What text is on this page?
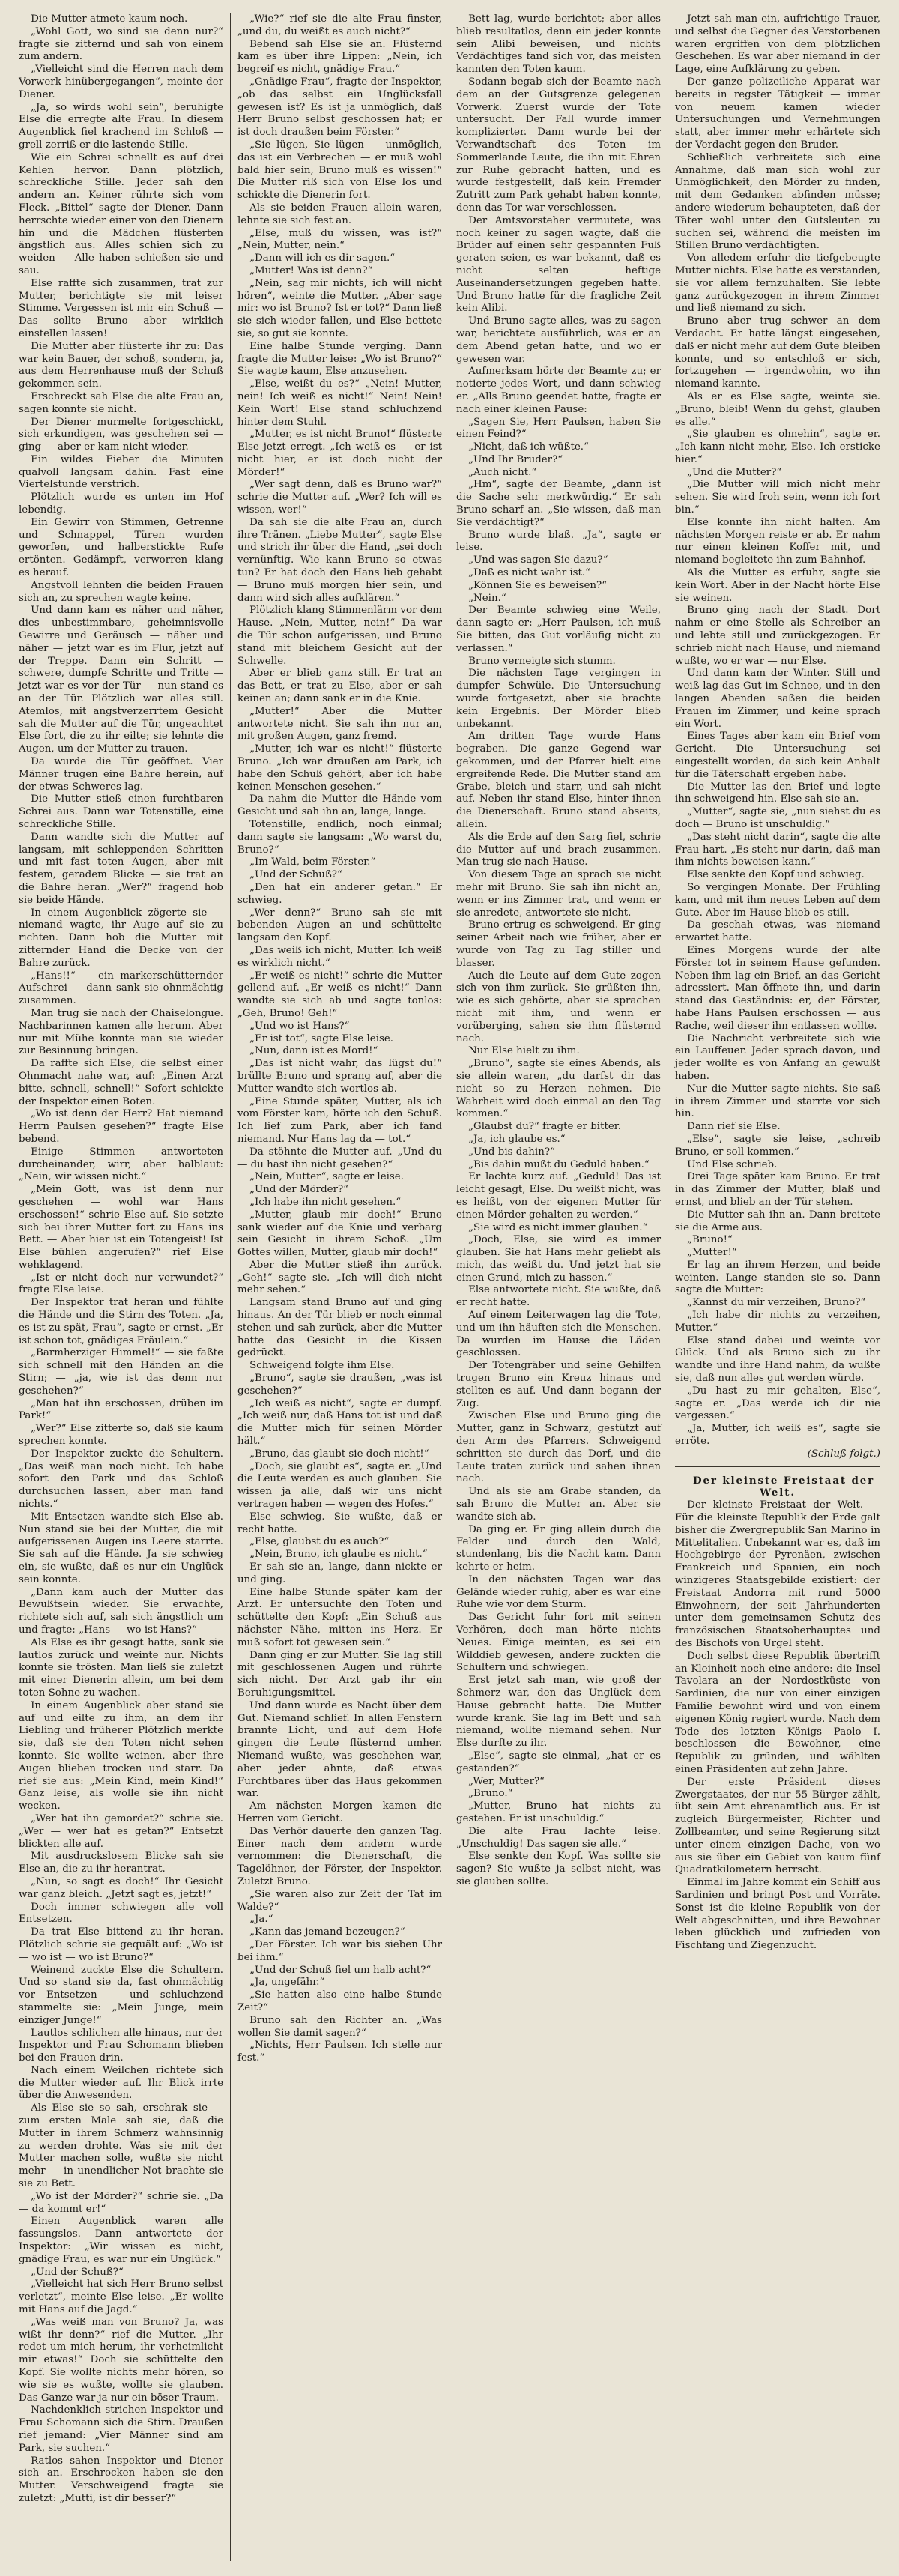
Die Mutter atmete kaum noch.

„Wohl Gott, wo sind sie denn nur?“ fragte sie zitternd und sah von einem zum andern.

„Vielleicht sind die Herren nach dem Vorwerk hinübergegangen“, meinte der Diener.

„Ja, so wirds wohl sein“, beruhigte Else die erregte alte Frau. In diesem Augenblick fiel krachend im Schloß — grell zerriß er die lastende Stille.

Wie ein Schrei schnellt es auf drei Kehlen hervor. Dann plötzlich, schreckliche Stille. Jeder sah den andern an. Keiner rührte sich vom Fleck. „Bittel“ sagte der Diener. Dann herrschte wieder einer von den Dienern hin und die Mädchen flüsterten ängstlich aus. Alles schien sich zu weiden — Alle haben schießen sie und sau.

Else raffte sich zusammen, trat zur Mutter, berichtigte sie mit leiser Stimme. Vergessen ist mir ein Schuß — Das sollte Bruno aber wirklich einstellen lassen!

Die Mutter aber flüsterte ihr zu: Das war kein Bauer, der schoß, sondern, ja, aus dem Herrenhause muß der Schuß gekommen sein.

Erschreckt sah Else die alte Frau an, sagen konnte sie nicht.

Der Diener murmelte fortgeschickt, sich erkundigen, was geschehen sei — ging — aber er kam nicht wieder.

Ein wildes Fieber die Minuten qualvoll langsam dahin. Fast eine Viertelstunde verstrich.

Plötzlich wurde es unten im Hof lebendig.

Ein Gewirr von Stimmen, Getrenne und Schnappel, Türen wurden geworfen, und halberstickte Rufe ertönten. Gedämpft, verworren klang es herauf.

Angstvoll lehnten die beiden Frauen sich an, zu sprechen wagte keine.

Und dann kam es näher und näher, dies unbestimmbare, geheimnisvolle Gewirre und Geräusch — näher und näher — jetzt war es im Flur, jetzt auf der Treppe. Dann ein Schritt — schwere, dumpfe Schritte und Tritte — jetzt war es vor der Tür — nun stand es an der Tür. Plötzlich war alles still. Atemlos, mit angstverzerrtem Gesicht sah die Mutter auf die Tür, ungeachtet Else fort, die zu ihr eilte; sie lehnte die Augen, um der Mutter zu trauen.

Da wurde die Tür geöffnet. Vier Männer trugen eine Bahre herein, auf der etwas Schweres lag.

Die Mutter stieß einen furchtbaren Schrei aus. Dann war Totenstille, eine schreckliche Stille.

Dann wandte sich die Mutter auf langsam, mit schleppenden Schritten und mit fast toten Augen, aber mit festem, geradem Blicke — sie trat an die Bahre heran. „Wer?“ fragend hob sie beide Hände.

In einem Augenblick zögerte sie — niemand wagte, ihr Auge auf sie zu richten. Dann hob die Mutter mit zitternder Hand die Decke von der Bahre zurück.

„Hans!!“ — ein markerschütternder Aufschrei — dann sank sie ohnmächtig zusammen.

Man trug sie nach der Chaiselongue. Nachbarinnen kamen alle herum. Aber nur mit Mühe konnte man sie wieder zur Besinnung bringen.

Da raffte sich Else, die selbst einer Ohnmacht nahe war, auf: „Einen Arzt bitte, schnell, schnell!“ Sofort schickte der Inspektor einen Boten.

„Wo ist denn der Herr? Hat niemand Herrn Paulsen gesehen?“ fragte Else bebend.

Einige Stimmen antworteten durcheinander, wirr, aber halblaut: „Nein, wir wissen nicht.“

„Mein Gott, was ist denn nur geschehen — wohl war Hans erschossen!“ schrie Else auf. Sie setzte sich bei ihrer Mutter fort zu Hans ins Bett. — Aber hier ist ein Totengeist! Ist Else bühlen angerufen?“ rief Else wehklagend.

„Ist er nicht doch nur verwundet?“ fragte Else leise.

Der Inspektor trat heran und fühlte die Hände und die Stirn des Toten. „Ja, es ist zu spät, Frau“, sagte er ernst. „Er ist schon tot, gnädiges Fräulein.“

„Barmherziger Himmel!“ — sie faßte sich schnell mit den Händen an die Stirn; — „ja, wie ist das denn nur geschehen?“

„Man hat ihn erschossen, drüben im Park!“

„Wer?“ Else zitterte so, daß sie kaum sprechen konnte.

Der Inspektor zuckte die Schultern. „Das weiß man noch nicht. Ich habe sofort den Park und das Schloß durchsuchen lassen, aber man fand nichts.“

Mit Entsetzen wandte sich Else ab. Nun stand sie bei der Mutter, die mit aufgerissenen Augen ins Leere starrte. Sie sah auf die Hände. Ja sie schwieg ein, sie wußte, daß es nur ein Unglück sein konnte.

„Dann kam auch der Mutter das Bewußtsein wieder. Sie erwachte, richtete sich auf, sah sich ängstlich um und fragte: „Hans — wo ist Hans?“

Als Else es ihr gesagt hatte, sank sie lautlos zurück und weinte nur. Nichts konnte sie trösten. Man ließ sie zuletzt mit einer Dienerin allein, um bei dem toten Sohne zu wachen.

In einem Augenblick aber stand sie auf und eilte zu ihm, an dem ihr Liebling und früherer Plötzlich merkte sie, daß sie den Toten nicht sehen konnte. Sie wollte weinen, aber ihre Augen blieben trocken und starr. Da rief sie aus: „Mein Kind, mein Kind!“ Ganz leise, als wolle sie ihn nicht wecken.

„Wer hat ihn gemordet?“ schrie sie. „Wer — wer hat es getan?“ Entsetzt blickten alle auf.

Mit ausdruckslosem Blicke sah sie Else an, die zu ihr herantrat.

„Nun, so sagt es doch!“ Ihr Gesicht war ganz bleich. „Jetzt sagt es, jetzt!“

Doch immer schwiegen alle voll Entsetzen.

Da trat Else bittend zu ihr heran. Plötzlich schrie sie gequält auf: „Wo ist — wo ist — wo ist Bruno?“

Weinend zuckte Else die Schultern. Und so stand sie da, fast ohnmächtig vor Entsetzen — und schluchzend stammelte sie: „Mein Junge, mein einziger Junge!“

Lautlos schlichen alle hinaus, nur der Inspektor und Frau Schomann blieben bei den Frauen drin.

Nach einem Weilchen richtete sich die Mutter wieder auf. Ihr Blick irrte über die Anwesenden.

Als Else sie so sah, erschrak sie — zum ersten Male sah sie, daß die Mutter in ihrem Schmerz wahnsinnig zu werden drohte. Was sie mit der Mutter machen solle, wußte sie nicht mehr — in unendlicher Not brachte sie sie zu Bett.

„Wo ist der Mörder?“ schrie sie. „Da — da kommt er!“

Einen Augenblick waren alle fassungslos. Dann antwortete der Inspektor: „Wir wissen es nicht, gnädige Frau, es war nur ein Unglück.“

„Und der Schuß?“

„Vielleicht hat sich Herr Bruno selbst verletzt“, meinte Else leise. „Er wollte mit Hans auf die Jagd.“

„Was weiß man von Bruno? Ja, was wißt ihr denn?“ rief die Mutter. „Ihr redet um mich herum, ihr verheimlicht mir etwas!“ Doch sie schüttelte den Kopf. Sie wollte nichts mehr hören, so wie sie es wußte, wollte sie glauben. Das Ganze war ja nur ein böser Traum.

Nachdenklich strichen Inspektor und Frau Schomann sich die Stirn. Draußen rief jemand: „Vier Männer sind am Park, sie suchen.“

Ratlos sahen Inspektor und Diener sich an. Erschrocken haben sie den Mutter. Verschweigend fragte sie zuletzt: „Mutti, ist dir besser?“

„Wie?“ rief sie die alte Frau finster, „und du, du weißt es auch nicht?“

Bebend sah Else sie an. Flüsternd kam es über ihre Lippen: „Nein, ich begreif es nicht, gnädige Frau.“

„Gnädige Frau“, fragte der Inspektor, „ob das selbst ein Unglücksfall gewesen ist? Es ist ja unmöglich, daß Herr Bruno selbst geschossen hat; er ist doch draußen beim Förster.“

„Sie lügen, Sie lügen — unmöglich, das ist ein Verbrechen — er muß wohl bald hier sein, Bruno muß es wissen!“ Die Mutter riß sich von Else los und schickte die Dienerin fort.

Als sie beiden Frauen allein waren, lehnte sie sich fest an.

„Else, muß du wissen, was ist?“ „Nein, Mutter, nein.“

„Dann will ich es dir sagen.“

„Mutter! Was ist denn?“

„Nein, sag mir nichts, ich will nicht hören“, weinte die Mutter. „Aber sage mir: wo ist Bruno? Ist er tot?“ Dann ließ sie sich wieder fallen, und Else bettete sie, so gut sie konnte.

Eine halbe Stunde verging. Dann fragte die Mutter leise: „Wo ist Bruno?“ Sie wagte kaum, Else anzusehen.

„Else, weißt du es?“ „Nein! Mutter, nein! Ich weiß es nicht!“ Nein! Nein! Kein Wort! Else stand schluchzend hinter dem Stuhl.

„Mutter, es ist nicht Bruno!“ flüsterte Else jetzt erregt. „Ich weiß es — er ist nicht hier, er ist doch nicht der Mörder!“

„Wer sagt denn, daß es Bruno war?“ schrie die Mutter auf. „Wer? Ich will es wissen, wer!“

Da sah sie die alte Frau an, durch ihre Tränen. „Liebe Mutter“, sagte Else und strich ihr über die Hand, „sei doch vernünftig. Wie kann Bruno so etwas tun? Er hat doch den Hans lieb gehabt — Bruno muß morgen hier sein, und dann wird sich alles aufklären.“

Plötzlich klang Stimmenlärm vor dem Hause. „Nein, Mutter, nein!“ Da war die Tür schon aufgerissen, und Bruno stand mit bleichem Gesicht auf der Schwelle.

Aber er blieb ganz still. Er trat an das Bett, er trat zu Else, aber er sah keinen an; dann sank er in die Knie.

„Mutter!“ Aber die Mutter antwortete nicht. Sie sah ihn nur an, mit großen Augen, ganz fremd.

„Mutter, ich war es nicht!“ flüsterte Bruno. „Ich war draußen am Park, ich habe den Schuß gehört, aber ich habe keinen Menschen gesehen.“

Da nahm die Mutter die Hände vom Gesicht und sah ihn an, lange, lange.

Totenstille, endlich, noch einmal; dann sagte sie langsam: „Wo warst du, Bruno?“

„Im Wald, beim Förster.“

„Und der Schuß?“

„Den hat ein anderer getan.“ Er schwieg.

„Wer denn?“ Bruno sah sie mit bebenden Augen an und schüttelte langsam den Kopf.

„Das weiß ich nicht, Mutter. Ich weiß es wirklich nicht.“

„Er weiß es nicht!“ schrie die Mutter gellend auf. „Er weiß es nicht!“ Dann wandte sie sich ab und sagte tonlos: „Geh, Bruno! Geh!“

„Und wo ist Hans?“

„Er ist tot“, sagte Else leise.

„Nun, dann ist es Mord!“

„Das ist nicht wahr, das lügst du!“ brüllte Bruno und sprang auf, aber die Mutter wandte sich wortlos ab.

„Eine Stunde später, Mutter, als ich vom Förster kam, hörte ich den Schuß. Ich lief zum Park, aber ich fand niemand. Nur Hans lag da — tot.“

Da stöhnte die Mutter auf. „Und du — du hast ihn nicht gesehen?“

„Nein, Mutter“, sagte er leise.

„Und der Mörder?“

„Ich habe ihn nicht gesehen.“

„Mutter, glaub mir doch!“ Bruno sank wieder auf die Knie und verbarg sein Gesicht in ihrem Schoß. „Um Gottes willen, Mutter, glaub mir doch!“

Aber die Mutter stieß ihn zurück. „Geh!“ sagte sie. „Ich will dich nicht mehr sehen.“

Langsam stand Bruno auf und ging hinaus. An der Tür blieb er noch einmal stehen und sah zurück, aber die Mutter hatte das Gesicht in die Kissen gedrückt.

Schweigend folgte ihm Else.

„Bruno“, sagte sie draußen, „was ist geschehen?“

„Ich weiß es nicht“, sagte er dumpf. „Ich weiß nur, daß Hans tot ist und daß die Mutter mich für seinen Mörder hält.“

„Bruno, das glaubt sie doch nicht!“

„Doch, sie glaubt es“, sagte er. „Und die Leute werden es auch glauben. Sie wissen ja alle, daß wir uns nicht vertragen haben — wegen des Hofes.“

Else schwieg. Sie wußte, daß er recht hatte.

„Else, glaubst du es auch?“

„Nein, Bruno, ich glaube es nicht.“

Er sah sie an, lange, dann nickte er und ging.

Eine halbe Stunde später kam der Arzt. Er untersuchte den Toten und schüttelte den Kopf: „Ein Schuß aus nächster Nähe, mitten ins Herz. Er muß sofort tot gewesen sein.“

Dann ging er zur Mutter. Sie lag still mit geschlossenen Augen und rührte sich nicht. Der Arzt gab ihr ein Beruhigungsmittel.

Und dann wurde es Nacht über dem Gut. Niemand schlief. In allen Fenstern brannte Licht, und auf dem Hofe gingen die Leute flüsternd umher. Niemand wußte, was geschehen war, aber jeder ahnte, daß etwas Furchtbares über das Haus gekommen war.

Am nächsten Morgen kamen die Herren vom Gericht.

Das Verhör dauerte den ganzen Tag. Einer nach dem andern wurde vernommen: die Dienerschaft, die Tagelöhner, der Förster, der Inspektor. Zuletzt Bruno.

„Sie waren also zur Zeit der Tat im Walde?“

„Ja.“

„Kann das jemand bezeugen?“

„Der Förster. Ich war bis sieben Uhr bei ihm.“

„Und der Schuß fiel um halb acht?“

„Ja, ungefähr.“

„Sie hatten also eine halbe Stunde Zeit?“

Bruno sah den Richter an. „Was wollen Sie damit sagen?“

„Nichts, Herr Paulsen. Ich stelle nur fest.“

Bett lag, wurde berichtet; aber alles blieb resultatlos, denn ein jeder konnte sein Alibi beweisen, und nichts Verdächtiges fand sich vor, das meisten kannten den Toten kaum.

Sodann begab sich der Beamte nach dem an der Gutsgrenze gelegenen Vorwerk. Zuerst wurde der Tote untersucht. Der Fall wurde immer komplizierter. Dann wurde bei der Verwandtschaft des Toten im Sommerlande Leute, die ihn mit Ehren zur Ruhe gebracht hatten, und es wurde festgestellt, daß kein Fremder Zutritt zum Park gehabt haben konnte, denn das Tor war verschlossen.

Der Amtsvorsteher vermutete, was noch keiner zu sagen wagte, daß die Brüder auf einen sehr gespannten Fuß geraten seien, es war bekannt, daß es nicht selten heftige Auseinandersetzungen gegeben hatte. Und Bruno hatte für die fragliche Zeit kein Alibi.

Und Bruno sagte alles, was zu sagen war, berichtete ausführlich, was er an dem Abend getan hatte, und wo er gewesen war.

Aufmerksam hörte der Beamte zu; er notierte jedes Wort, und dann schwieg er. „Alls Bruno geendet hatte, fragte er nach einer kleinen Pause:

„Sagen Sie, Herr Paulsen, haben Sie einen Feind?“

„Nicht, daß ich wüßte.“

„Und Ihr Bruder?“

„Auch nicht.“

„Hm“, sagte der Beamte, „dann ist die Sache sehr merkwürdig.“ Er sah Bruno scharf an. „Sie wissen, daß man Sie verdächtigt?“

Bruno wurde blaß. „Ja“, sagte er leise.

„Und was sagen Sie dazu?“

„Daß es nicht wahr ist.“

„Können Sie es beweisen?“

„Nein.“

Der Beamte schwieg eine Weile, dann sagte er: „Herr Paulsen, ich muß Sie bitten, das Gut vorläufig nicht zu verlassen.“

Bruno verneigte sich stumm.

Die nächsten Tage vergingen in dumpfer Schwüle. Die Untersuchung wurde fortgesetzt, aber sie brachte kein Ergebnis. Der Mörder blieb unbekannt.

Am dritten Tage wurde Hans begraben. Die ganze Gegend war gekommen, und der Pfarrer hielt eine ergreifende Rede. Die Mutter stand am Grabe, bleich und starr, und sah nicht auf. Neben ihr stand Else, hinter ihnen die Dienerschaft. Bruno stand abseits, allein.

Als die Erde auf den Sarg fiel, schrie die Mutter auf und brach zusammen. Man trug sie nach Hause.

Von diesem Tage an sprach sie nicht mehr mit Bruno. Sie sah ihn nicht an, wenn er ins Zimmer trat, und wenn er sie anredete, antwortete sie nicht.

Bruno ertrug es schweigend. Er ging seiner Arbeit nach wie früher, aber er wurde von Tag zu Tag stiller und blasser.

Auch die Leute auf dem Gute zogen sich von ihm zurück. Sie grüßten ihn, wie es sich gehörte, aber sie sprachen nicht mit ihm, und wenn er vorüberging, sahen sie ihm flüsternd nach.

Nur Else hielt zu ihm.

„Bruno“, sagte sie eines Abends, als sie allein waren, „du darfst dir das nicht so zu Herzen nehmen. Die Wahrheit wird doch einmal an den Tag kommen.“

„Glaubst du?“ fragte er bitter.

„Ja, ich glaube es.“

„Und bis dahin?“

„Bis dahin mußt du Geduld haben.“

Er lachte kurz auf. „Geduld! Das ist leicht gesagt, Else. Du weißt nicht, was es heißt, von der eigenen Mutter für einen Mörder gehalten zu werden.“

„Sie wird es nicht immer glauben.“

„Doch, Else, sie wird es immer glauben. Sie hat Hans mehr geliebt als mich, das weißt du. Und jetzt hat sie einen Grund, mich zu hassen.“

Else antwortete nicht. Sie wußte, daß er recht hatte.

Auf einem Leiterwagen lag die Tote, und um ihn häuften sich die Menschen. Da wurden im Hause die Läden geschlossen.

Der Totengräber und seine Gehilfen trugen Bruno ein Kreuz hinaus und stellten es auf. Und dann begann der Zug.

Zwischen Else und Bruno ging die Mutter, ganz in Schwarz, gestützt auf den Arm des Pfarrers. Schweigend schritten sie durch das Dorf, und die Leute traten zurück und sahen ihnen nach.

Und als sie am Grabe standen, da sah Bruno die Mutter an. Aber sie wandte sich ab.

Da ging er. Er ging allein durch die Felder und durch den Wald, stundenlang, bis die Nacht kam. Dann kehrte er heim.

In den nächsten Tagen war das Gelände wieder ruhig, aber es war eine Ruhe wie vor dem Sturm.

Das Gericht fuhr fort mit seinen Verhören, doch man hörte nichts Neues. Einige meinten, es sei ein Wilddieb gewesen, andere zuckten die Schultern und schwiegen.

Erst jetzt sah man, wie groß der Schmerz war, den das Unglück dem Hause gebracht hatte. Die Mutter wurde krank. Sie lag im Bett und sah niemand, wollte niemand sehen. Nur Else durfte zu ihr.

„Else“, sagte sie einmal, „hat er es gestanden?“

„Wer, Mutter?“

„Bruno.“

„Mutter, Bruno hat nichts zu gestehen. Er ist unschuldig.“

Die alte Frau lachte leise. „Unschuldig! Das sagen sie alle.“

Else senkte den Kopf. Was sollte sie sagen? Sie wußte ja selbst nicht, was sie glauben sollte.

Jetzt sah man ein, aufrichtige Trauer, und selbst die Gegner des Verstorbenen waren ergriffen von dem plötzlichen Geschehen. Es war aber niemand in der Lage, eine Aufklärung zu geben.

Der ganze polizeiliche Apparat war bereits in regster Tätigkeit — immer von neuem kamen wieder Untersuchungen und Vernehmungen statt, aber immer mehr erhärtete sich der Verdacht gegen den Bruder.

Schließlich verbreitete sich eine Annahme, daß man sich wohl zur Unmöglichkeit, den Mörder zu finden, mit dem Gedanken abfinden müsse; andere wiederum behaupteten, daß der Täter wohl unter den Gutsleuten zu suchen sei, während die meisten im Stillen Bruno verdächtigten.

Von alledem erfuhr die tiefgebeugte Mutter nichts. Else hatte es verstanden, sie vor allem fernzuhalten. Sie lebte ganz zurückgezogen in ihrem Zimmer und ließ niemand zu sich.

Bruno aber trug schwer an dem Verdacht. Er hatte längst eingesehen, daß er nicht mehr auf dem Gute bleiben konnte, und so entschloß er sich, fortzugehen — irgendwohin, wo ihn niemand kannte.

Als er es Else sagte, weinte sie. „Bruno, bleib! Wenn du gehst, glauben es alle.“

„Sie glauben es ohnehin“, sagte er. „Ich kann nicht mehr, Else. Ich ersticke hier.“

„Und die Mutter?“

„Die Mutter will mich nicht mehr sehen. Sie wird froh sein, wenn ich fort bin.“

Else konnte ihn nicht halten. Am nächsten Morgen reiste er ab. Er nahm nur einen kleinen Koffer mit, und niemand begleitete ihn zum Bahnhof.

Als die Mutter es erfuhr, sagte sie kein Wort. Aber in der Nacht hörte Else sie weinen.

Bruno ging nach der Stadt. Dort nahm er eine Stelle als Schreiber an und lebte still und zurückgezogen. Er schrieb nicht nach Hause, und niemand wußte, wo er war — nur Else.

Und dann kam der Winter. Still und weiß lag das Gut im Schnee, und in den langen Abenden saßen die beiden Frauen im Zimmer, und keine sprach ein Wort.

Eines Tages aber kam ein Brief vom Gericht. Die Untersuchung sei eingestellt worden, da sich kein Anhalt für die Täterschaft ergeben habe.

Die Mutter las den Brief und legte ihn schweigend hin. Else sah sie an.

„Mutter“, sagte sie, „nun siehst du es doch — Bruno ist unschuldig.“

„Das steht nicht darin“, sagte die alte Frau hart. „Es steht nur darin, daß man ihm nichts beweisen kann.“

Else senkte den Kopf und schwieg.

So vergingen Monate. Der Frühling kam, und mit ihm neues Leben auf dem Gute. Aber im Hause blieb es still.

Da geschah etwas, was niemand erwartet hatte.

Eines Morgens wurde der alte Förster tot in seinem Hause gefunden. Neben ihm lag ein Brief, an das Gericht adressiert. Man öffnete ihn, und darin stand das Geständnis: er, der Förster, habe Hans Paulsen erschossen — aus Rache, weil dieser ihn entlassen wollte.

Die Nachricht verbreitete sich wie ein Lauffeuer. Jeder sprach davon, und jeder wollte es von Anfang an gewußt haben.

Nur die Mutter sagte nichts. Sie saß in ihrem Zimmer und starrte vor sich hin.

Dann rief sie Else.

„Else“, sagte sie leise, „schreib Bruno, er soll kommen.“

Und Else schrieb.

Drei Tage später kam Bruno. Er trat in das Zimmer der Mutter, blaß und ernst, und blieb an der Tür stehen.

Die Mutter sah ihn an. Dann breitete sie die Arme aus.

„Bruno!“

„Mutter!“

Er lag an ihrem Herzen, und beide weinten. Lange standen sie so. Dann sagte die Mutter:

„Kannst du mir verzeihen, Bruno?“

„Ich habe dir nichts zu verzeihen, Mutter.“

Else stand dabei und weinte vor Glück. Und als Bruno sich zu ihr wandte und ihre Hand nahm, da wußte sie, daß nun alles gut werden würde.

„Du hast zu mir gehalten, Else“, sagte er. „Das werde ich dir nie vergessen.“

„Ja, Mutter, ich weiß es“, sagte sie erröte.

(Schluß folgt.)

Der kleinste Freistaat der Welt.

Der kleinste Freistaat der Welt. — Für die kleinste Republik der Erde galt bisher die Zwergrepublik San Marino in Mittelitalien. Unbekannt war es, daß im Hochgebirge der Pyrenäen, zwischen Frankreich und Spanien, ein noch winzigeres Staatsgebilde existiert: der Freistaat Andorra mit rund 5000 Einwohnern, der seit Jahrhunderten unter dem gemeinsamen Schutz des französischen Staatsoberhauptes und des Bischofs von Urgel steht.

Doch selbst diese Republik übertrifft an Kleinheit noch eine andere: die Insel Tavolara an der Nordostküste von Sardinien, die nur von einer einzigen Familie bewohnt wird und von einem eigenen König regiert wurde. Nach dem Tode des letzten Königs Paolo I. beschlossen die Bewohner, eine Republik zu gründen, und wählten einen Präsidenten auf zehn Jahre.

Der erste Präsident dieses Zwergstaates, der nur 55 Bürger zählt, übt sein Amt ehrenamtlich aus. Er ist zugleich Bürgermeister, Richter und Zollbeamter, und seine Regierung sitzt unter einem einzigen Dache, von wo aus sie über ein Gebiet von kaum fünf Quadratkilometern herrscht.

Einmal im Jahre kommt ein Schiff aus Sardinien und bringt Post und Vorräte. Sonst ist die kleine Republik von der Welt abgeschnitten, und ihre Bewohner leben glücklich und zufrieden von Fischfang und Ziegenzucht.
